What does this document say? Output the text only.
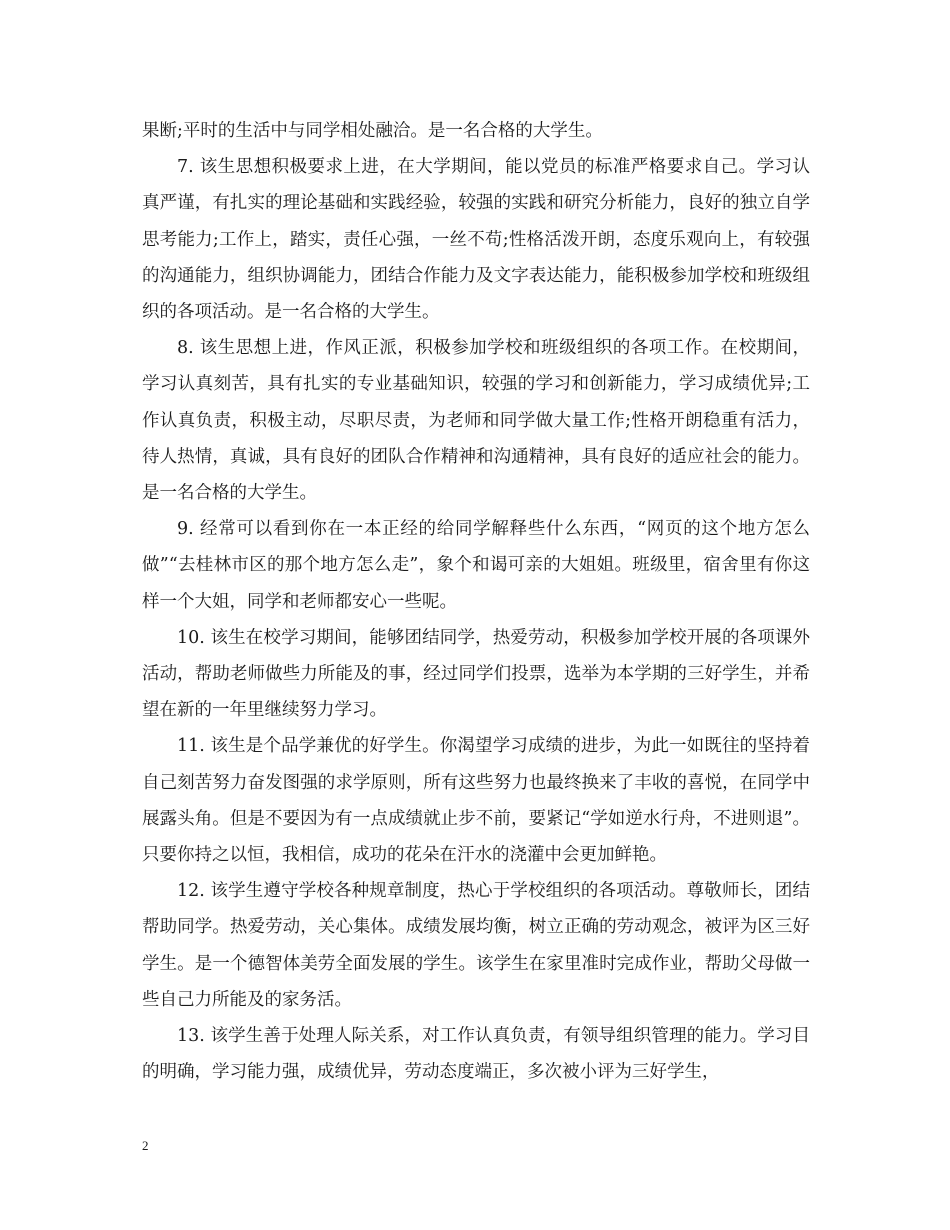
果断;平时的生活中与同学相处融洽。是一名合格的大学生。

7. 该生思想积极要求上进，在大学期间，能以党员的标准严格要求自己。学习认真严谨，有扎实的理论基础和实践经验，较强的实践和研究分析能力，良好的独立自学思考能力;工作上，踏实，责任心强，一丝不苟;性格活泼开朗，态度乐观向上，有较强的沟通能力，组织协调能力，团结合作能力及文字表达能力，能积极参加学校和班级组织的各项活动。是一名合格的大学生。

8. 该生思想上进，作风正派，积极参加学校和班级组织的各项工作。在校期间，学习认真刻苦，具有扎实的专业基础知识，较强的学习和创新能力，学习成绩优异;工作认真负责，积极主动，尽职尽责，为老师和同学做大量工作;性格开朗稳重有活力，待人热情，真诚，具有良好的团队合作精神和沟通精神，具有良好的适应社会的能力。是一名合格的大学生。

9. 经常可以看到你在一本正经的给同学解释些什么东西，“网页的这个地方怎么做”“去桂林市区的那个地方怎么走”，象个和谒可亲的大姐姐。班级里，宿舍里有你这样一个大姐，同学和老师都安心一些呢。

10. 该生在校学习期间，能够团结同学，热爱劳动，积极参加学校开展的各项课外活动，帮助老师做些力所能及的事，经过同学们投票，选举为本学期的三好学生，并希望在新的一年里继续努力学习。

11. 该生是个品学兼优的好学生。你渴望学习成绩的进步，为此一如既往的坚持着自己刻苦努力奋发图强的求学原则，所有这些努力也最终换来了丰收的喜悦，在同学中展露头角。但是不要因为有一点成绩就止步不前，要紧记“学如逆水行舟，不进则退”。只要你持之以恒，我相信，成功的花朵在汗水的浇灌中会更加鲜艳。

12. 该学生遵守学校各种规章制度，热心于学校组织的各项活动。尊敬师长，团结帮助同学。热爱劳动，关心集体。成绩发展均衡，树立正确的劳动观念，被评为区三好学生。是一个德智体美劳全面发展的学生。该学生在家里准时完成作业，帮助父母做一些自己力所能及的家务活。

13. 该学生善于处理人际关系，对工作认真负责，有领导组织管理的能力。学习目的明确，学习能力强，成绩优异，劳动态度端正，多次被小评为三好学生，

2
